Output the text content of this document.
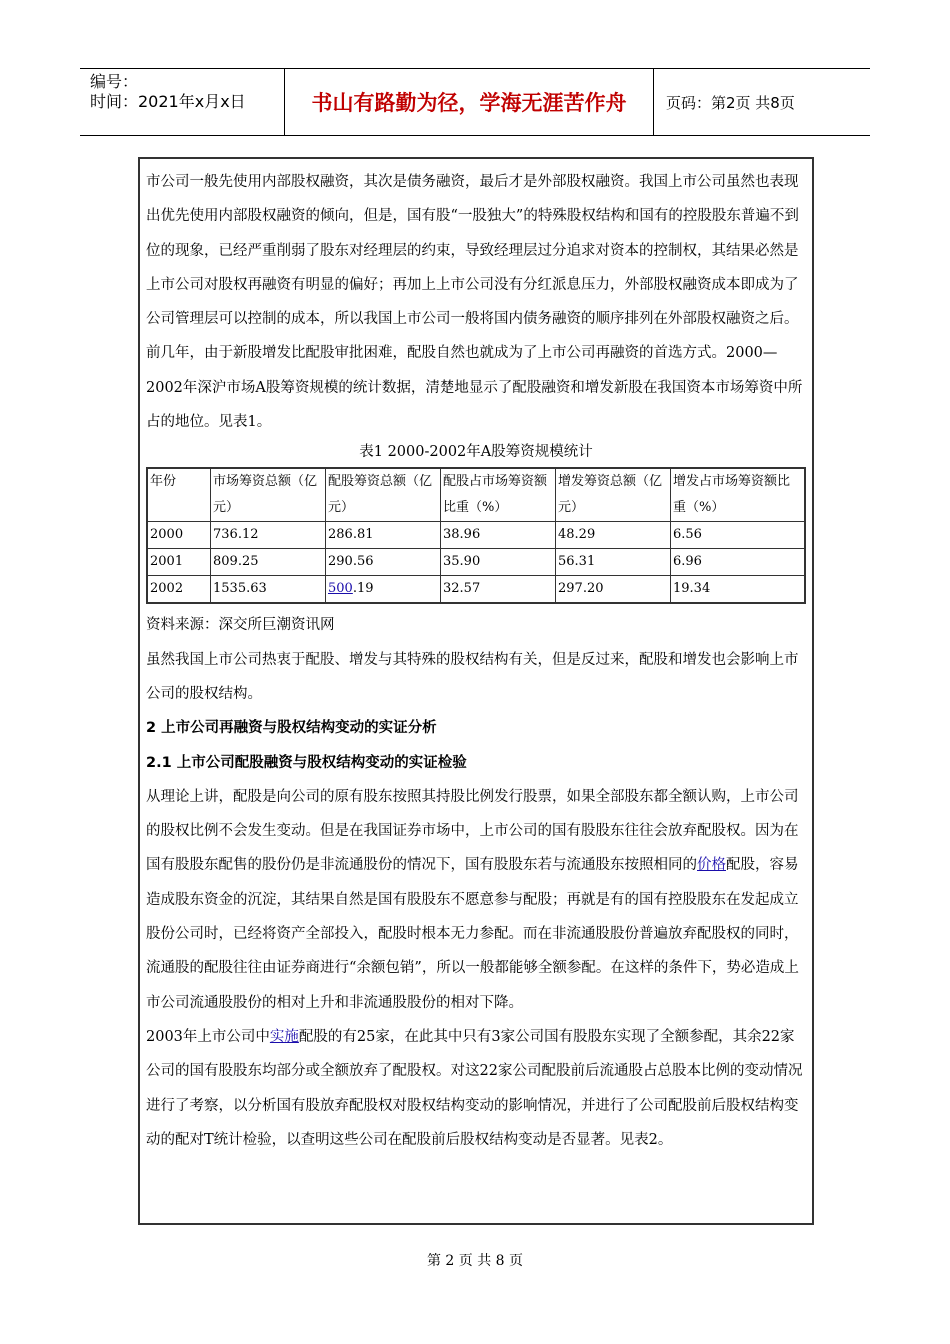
编号：
时间：2021年x月x日	书山有路勤为径，学海无涯苦作舟	页码：第2页 共8页

市公司一般先使用内部股权融资，其次是债务融资，最后才是外部股权融资。我国上市公司虽然也表现出优先使用内部股权融资的倾向，但是，国有股“一股独大”的特殊股权结构和国有的控股股东普遍不到位的现象，已经严重削弱了股东对经理层的约束，导致经理层过分追求对资本的控制权，其结果必然是上市公司对股权再融资有明显的偏好；再加上上市公司没有分红派息压力，外部股权融资成本即成为了公司管理层可以控制的成本，所以我国上市公司一般将国内债务融资的顺序排列在外部股权融资之后。前几年，由于新股增发比配股审批困难，配股自然也就成为了上市公司再融资的首选方式。2000—2002年深沪市场A股筹资规模的统计数据，清楚地显示了配股融资和增发新股在我国资本市场筹资中所占的地位。见表1。

表1 2000-2002年A股筹资规模统计

年份	市场筹资总额（亿元）	配股筹资总额（亿元）	配股占市场筹资额比重（%）	增发筹资总额（亿元）	增发占市场筹资额比重（%）
2000	736.12	286.81	38.96	48.29	6.56
2001	809.25	290.56	35.90	56.31	6.96
2002	1535.63	500.19	32.57	297.20	19.34

资料来源：深交所巨潮资讯网

虽然我国上市公司热衷于配股、增发与其特殊的股权结构有关，但是反过来，配股和增发也会影响上市公司的股权结构。

2 上市公司再融资与股权结构变动的实证分析

2.1 上市公司配股融资与股权结构变动的实证检验

从理论上讲，配股是向公司的原有股东按照其持股比例发行股票，如果全部股东都全额认购，上市公司的股权比例不会发生变动。但是在我国证券市场中，上市公司的国有股股东往往会放弃配股权。因为在国有股股东配售的股份仍是非流通股份的情况下，国有股股东若与流通股东按照相同的价格配股，容易造成股东资金的沉淀，其结果自然是国有股股东不愿意参与配股；再就是有的国有控股股东在发起成立股份公司时，已经将资产全部投入，配股时根本无力参配。而在非流通股股份普遍放弃配股权的同时，流通股的配股往往由证券商进行“余额包销”，所以一般都能够全额参配。在这样的条件下，势必造成上市公司流通股股份的相对上升和非流通股股份的相对下降。

2003年上市公司中实施配股的有25家，在此其中只有3家公司国有股股东实现了全额参配，其余22家公司的国有股股东均部分或全额放弃了配股权。对这22家公司配股前后流通股占总股本比例的变动情况进行了考察，以分析国有股放弃配股权对股权结构变动的影响情况，并进行了公司配股前后股权结构变动的配对T统计检验，以查明这些公司在配股前后股权结构变动是否显著。见表2。

第 2 页 共 8 页
